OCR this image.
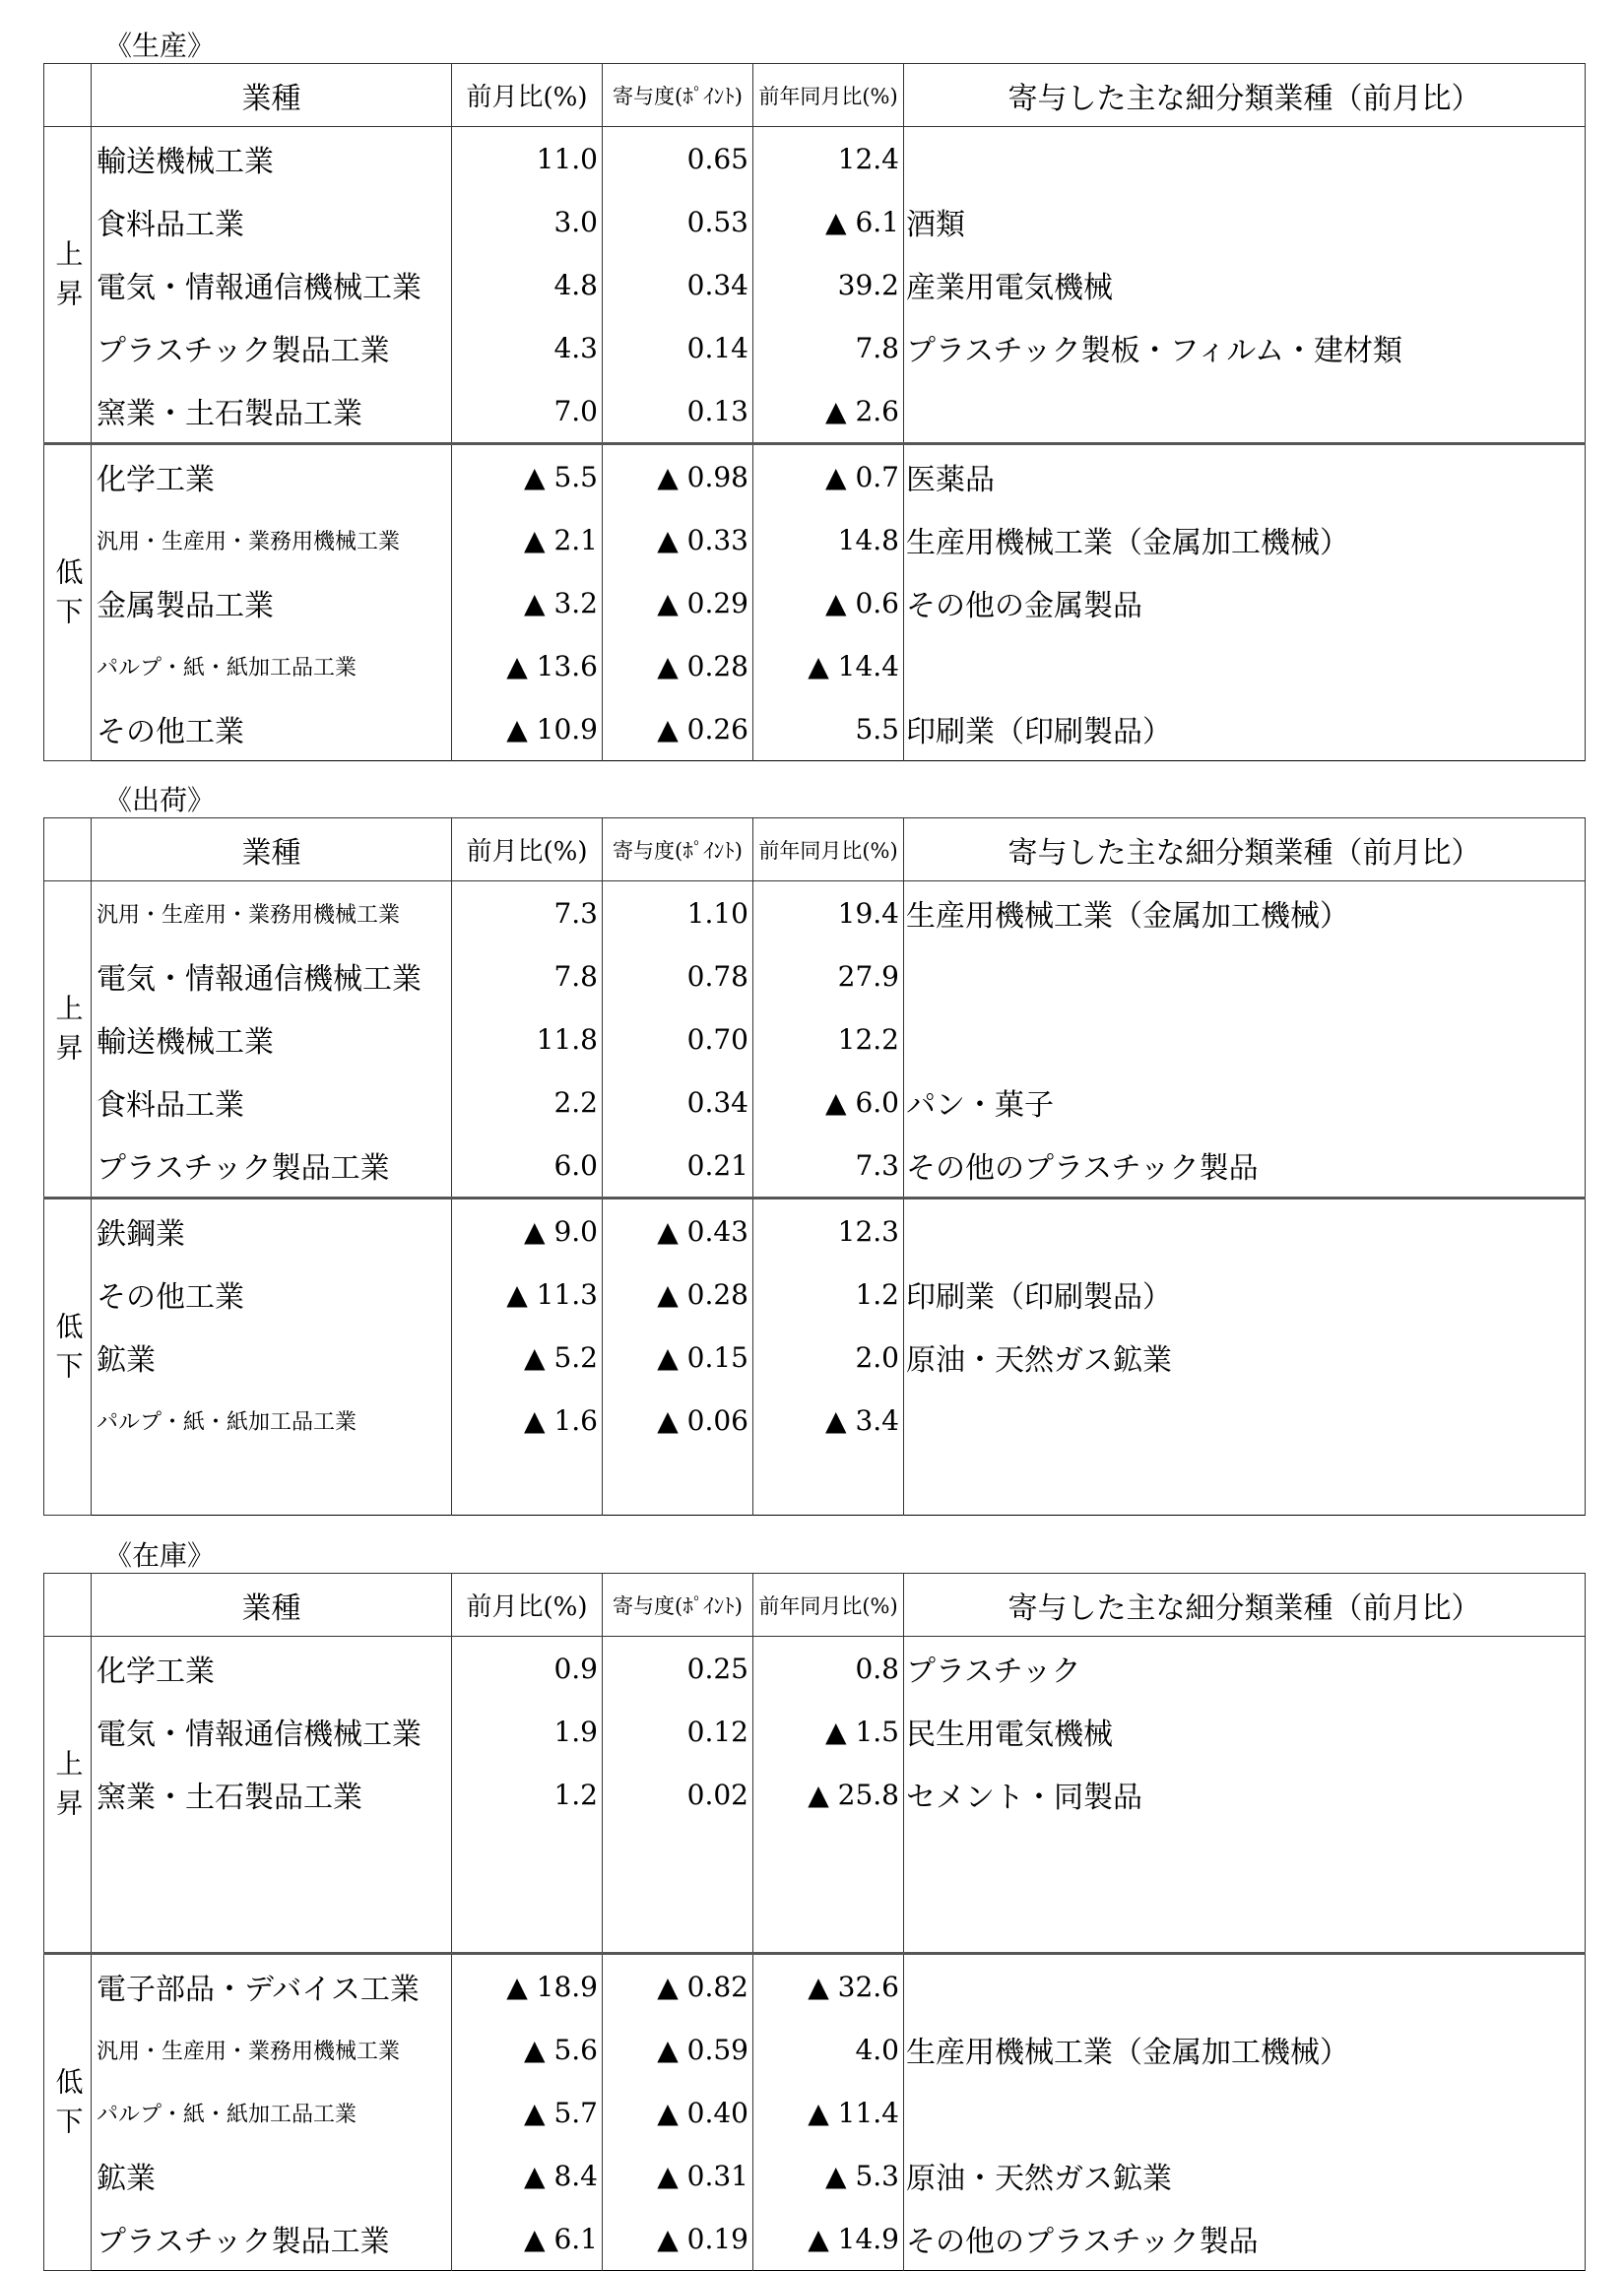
《生産》
	業種	前月比(%)	寄与度(ﾎﾟｲﾝﾄ)	前年同月比(%)	寄与した主な細分類業種（前月比）
上昇	輸送機械工業	11.0	0.65	12.4	
	食料品工業	3.0	0.53	▲ 6.1	酒類
	電気・情報通信機械工業	4.8	0.34	39.2	産業用電気機械
	プラスチック製品工業	4.3	0.14	7.8	プラスチック製板・フィルム・建材類
	窯業・土石製品工業	7.0	0.13	▲ 2.6	
低下	化学工業	▲ 5.5	▲ 0.98	▲ 0.7	医薬品
	汎用・生産用・業務用機械工業	▲ 2.1	▲ 0.33	14.8	生産用機械工業（金属加工機械）
	金属製品工業	▲ 3.2	▲ 0.29	▲ 0.6	その他の金属製品
	パルプ・紙・紙加工品工業	▲ 13.6	▲ 0.28	▲ 14.4	
	その他工業	▲ 10.9	▲ 0.26	5.5	印刷業（印刷製品）
《出荷》
	業種	前月比(%)	寄与度(ﾎﾟｲﾝﾄ)	前年同月比(%)	寄与した主な細分類業種（前月比）
上昇	汎用・生産用・業務用機械工業	7.3	1.10	19.4	生産用機械工業（金属加工機械）
	電気・情報通信機械工業	7.8	0.78	27.9	
	輸送機械工業	11.8	0.70	12.2	
	食料品工業	2.2	0.34	▲ 6.0	パン・菓子
	プラスチック製品工業	6.0	0.21	7.3	その他のプラスチック製品
低下	鉄鋼業	▲ 9.0	▲ 0.43	12.3	
	その他工業	▲ 11.3	▲ 0.28	1.2	印刷業（印刷製品）
	鉱業	▲ 5.2	▲ 0.15	2.0	原油・天然ガス鉱業
	パルプ・紙・紙加工品工業	▲ 1.6	▲ 0.06	▲ 3.4	

《在庫》
	業種	前月比(%)	寄与度(ﾎﾟｲﾝﾄ)	前年同月比(%)	寄与した主な細分類業種（前月比）
上昇	化学工業	0.9	0.25	0.8	プラスチック
	電気・情報通信機械工業	1.9	0.12	▲ 1.5	民生用電気機械
	窯業・土石製品工業	1.2	0.02	▲ 25.8	セメント・同製品

低下	電子部品・デバイス工業	▲ 18.9	▲ 0.82	▲ 32.6	
	汎用・生産用・業務用機械工業	▲ 5.6	▲ 0.59	4.0	生産用機械工業（金属加工機械）
	パルプ・紙・紙加工品工業	▲ 5.7	▲ 0.40	▲ 11.4	
	鉱業	▲ 8.4	▲ 0.31	▲ 5.3	原油・天然ガス鉱業
	プラスチック製品工業	▲ 6.1	▲ 0.19	▲ 14.9	その他のプラスチック製品
